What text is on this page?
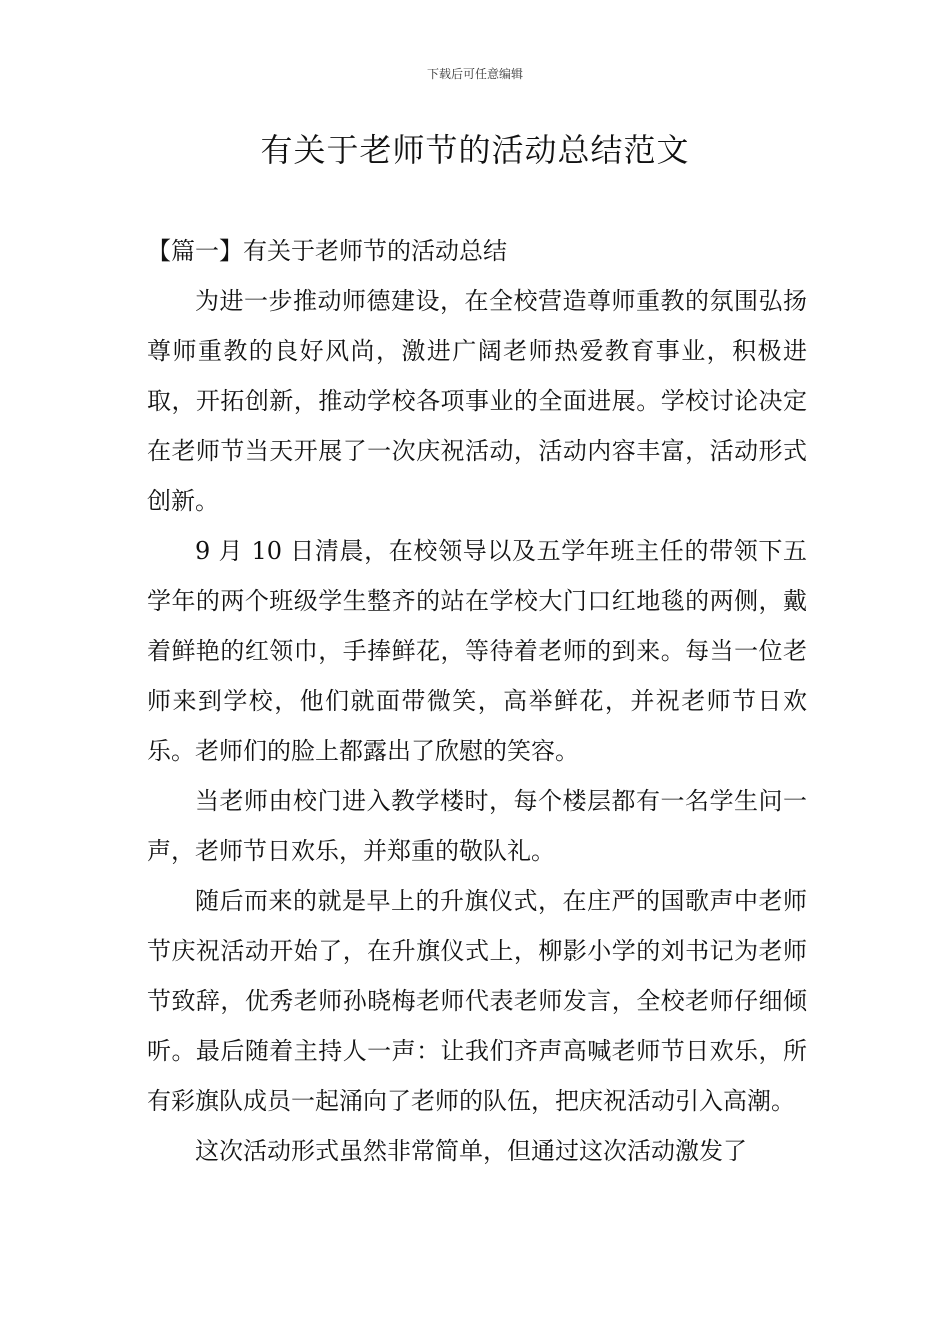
下载后可任意编辑
有关于老师节的活动总结范文

【篇一】有关于老师节的活动总结

为进一步推动师德建设，在全校营造尊师重教的氛围弘扬尊师重教的良好风尚，激进广阔老师热爱教育事业，积极进取，开拓创新，推动学校各项事业的全面进展。学校讨论决定在老师节当天开展了一次庆祝活动，活动内容丰富，活动形式创新。

9 月 10 日清晨，在校领导以及五学年班主任的带领下五学年的两个班级学生整齐的站在学校大门口红地毯的两侧，戴着鲜艳的红领巾，手捧鲜花，等待着老师的到来。每当一位老师来到学校，他们就面带微笑，高举鲜花，并祝老师节日欢乐。老师们的脸上都露出了欣慰的笑容。

当老师由校门进入教学楼时，每个楼层都有一名学生问一声，老师节日欢乐，并郑重的敬队礼。

随后而来的就是早上的升旗仪式，在庄严的国歌声中老师节庆祝活动开始了，在升旗仪式上，柳影小学的刘书记为老师节致辞，优秀老师孙晓梅老师代表老师发言，全校老师仔细倾听。最后随着主持人一声：让我们齐声高喊老师节日欢乐，所有彩旗队成员一起涌向了老师的队伍，把庆祝活动引入高潮。

这次活动形式虽然非常简单，但通过这次活动激发了
